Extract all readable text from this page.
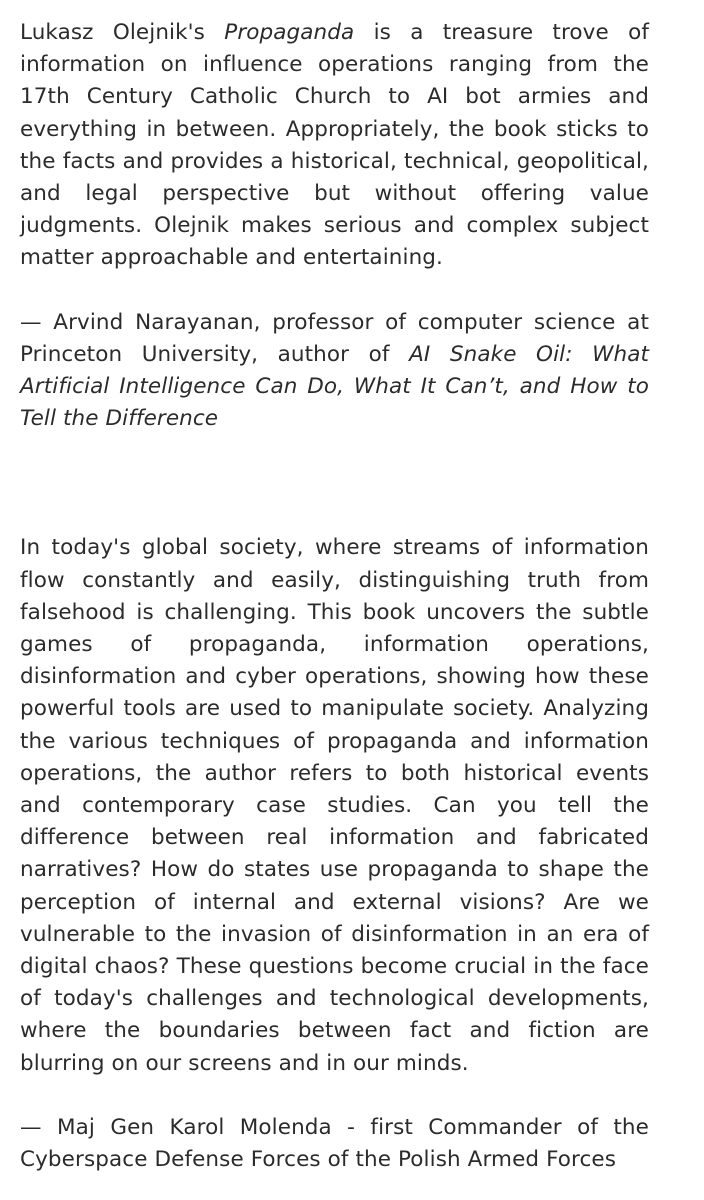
Lukasz Olejnik's Propaganda is a treasure trove of information on influence operations ranging from the 17th Century Catholic Church to AI bot armies and everything in between. Appropriately, the book sticks to the facts and provides a historical, technical, geopolitical, and legal perspective but without offering value judgments. Olejnik makes serious and complex subject matter approachable and entertaining.

— Arvind Narayanan, professor of computer science at Princeton University, author of AI Snake Oil: What Artificial Intelligence Can Do, What It Can’t, and How to Tell the Difference

In today's global society, where streams of information flow constantly and easily, distinguishing truth from falsehood is challenging. This book uncovers the subtle games of propaganda, information operations, disinformation and cyber operations, showing how these powerful tools are used to manipulate society. Analyzing the various techniques of propaganda and information operations, the author refers to both historical events and contemporary case studies. Can you tell the difference between real information and fabricated narratives? How do states use propaganda to shape the perception of internal and external visions? Are we vulnerable to the invasion of disinformation in an era of digital chaos? These questions become crucial in the face of today's challenges and technological developments, where the boundaries between fact and fiction are blurring on our screens and in our minds.

— Maj Gen Karol Molenda - first Commander of the Cyberspace Defense Forces of the Polish Armed Forces
